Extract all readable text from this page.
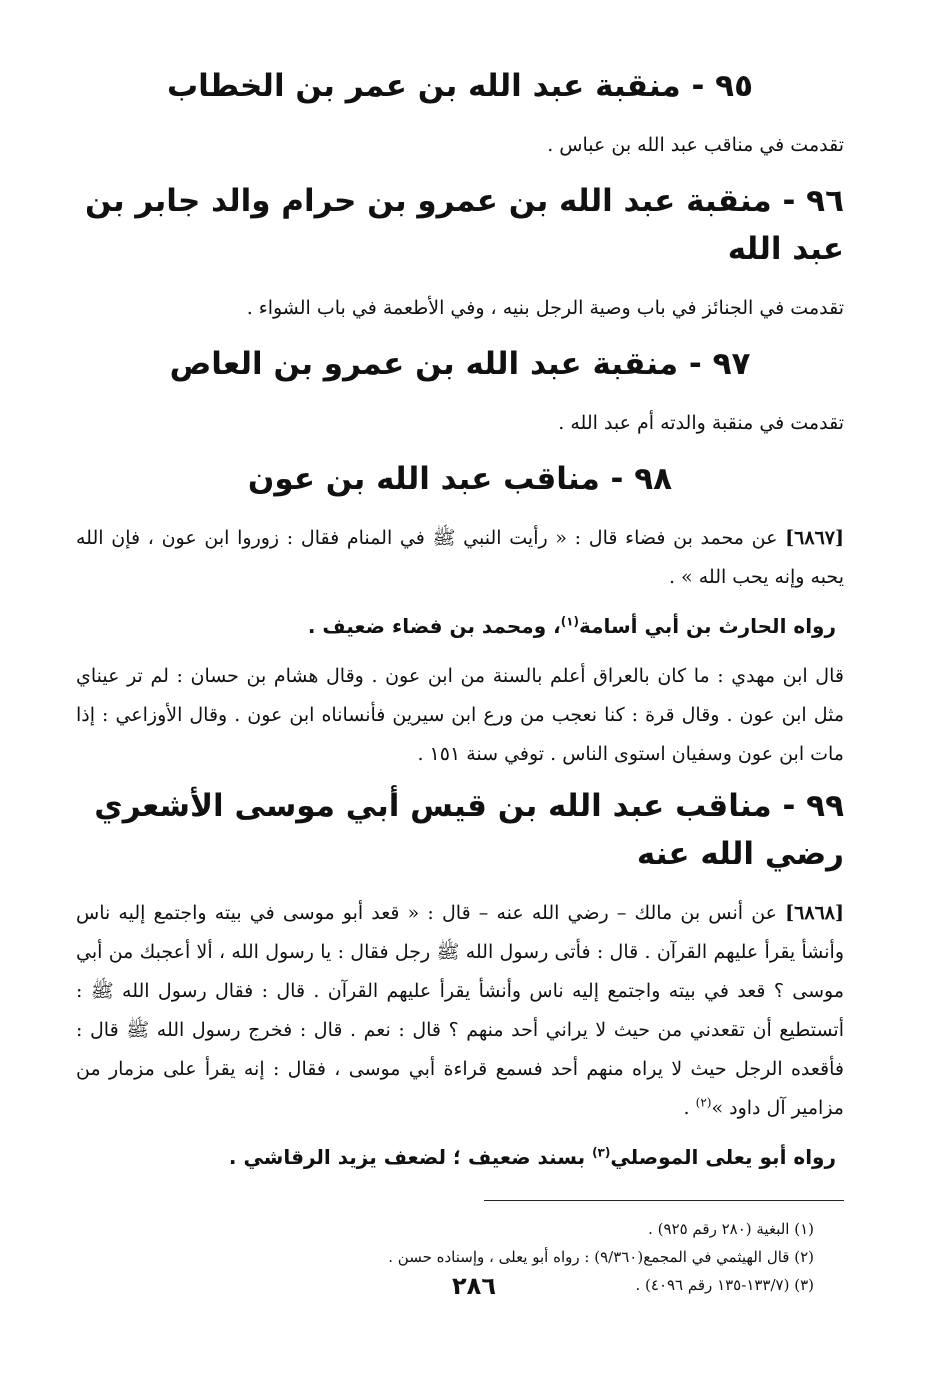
٩٥ - منقبة عبد الله بن عمر بن الخطاب
تقدمت في مناقب عبد الله بن عباس .
٩٦ - منقبة عبد الله بن عمرو بن حرام والد جابر بن عبد الله
تقدمت في الجنائز في باب وصية الرجل بنيه ، وفي الأطعمة في باب الشواء .
٩٧ - منقبة عبد الله بن عمرو بن العاص
تقدمت في منقبة والدته أم عبد الله .
٩٨ - مناقب عبد الله بن عون
[٦٨٦٧] عن محمد بن فضاء قال : « رأيت النبي ﷺ في المنام فقال : زوروا ابن عون ، فإن الله يحبه وإنه يحب الله » .
رواه الحارث بن أبي أسامة$^{(١)}$، ومحمد بن فضاء ضعيف .
قال ابن مهدي : ما كان بالعراق أعلم بالسنة من ابن عون . وقال هشام بن حسان : لم تر عيناي مثل ابن عون . وقال قرة : كنا نعجب من ورع ابن سيرين فأنساناه ابن عون . وقال الأوزاعي : إذا مات ابن عون وسفيان استوى الناس . توفي سنة ١٥١ .
٩٩ - مناقب عبد الله بن قيس أبي موسى الأشعري رضي الله عنه
[٦٨٦٨] عن أنس بن مالك – رضي الله عنه – قال : « قعد أبو موسى في بيته واجتمع إليه ناس وأنشأ يقرأ عليهم القرآن . قال : فأتى رسول الله ﷺ رجل فقال : يا رسول الله ، ألا أعجبك من أبي موسى ؟ قعد في بيته واجتمع إليه ناس وأنشأ يقرأ عليهم القرآن . قال : فقال رسول الله ﷺ : أتستطيع أن تقعدني من حيث لا يراني أحد منهم ؟ قال : نعم . قال : فخرج رسول الله ﷺ قال : فأقعده الرجل حيث لا يراه منهم أحد فسمع قراءة أبي موسى ، فقال : إنه يقرأ على مزمار من مزامير آل داود »$^{(٢)}$ .
رواه أبو يعلى الموصلي$^{(٣)}$ بسند ضعيف ؛ لضعف يزيد الرقاشي .
(١) البغية (٢٨٠ رقم ٩٢٥) .
(٢) قال الهيثمي في المجمع(٩/٣٦٠) : رواه أبو يعلى ، وإسناده حسن .
(٣) (١٣٣/٧-١٣٥ رقم ٤٠٩٦) .
٢٨٦
